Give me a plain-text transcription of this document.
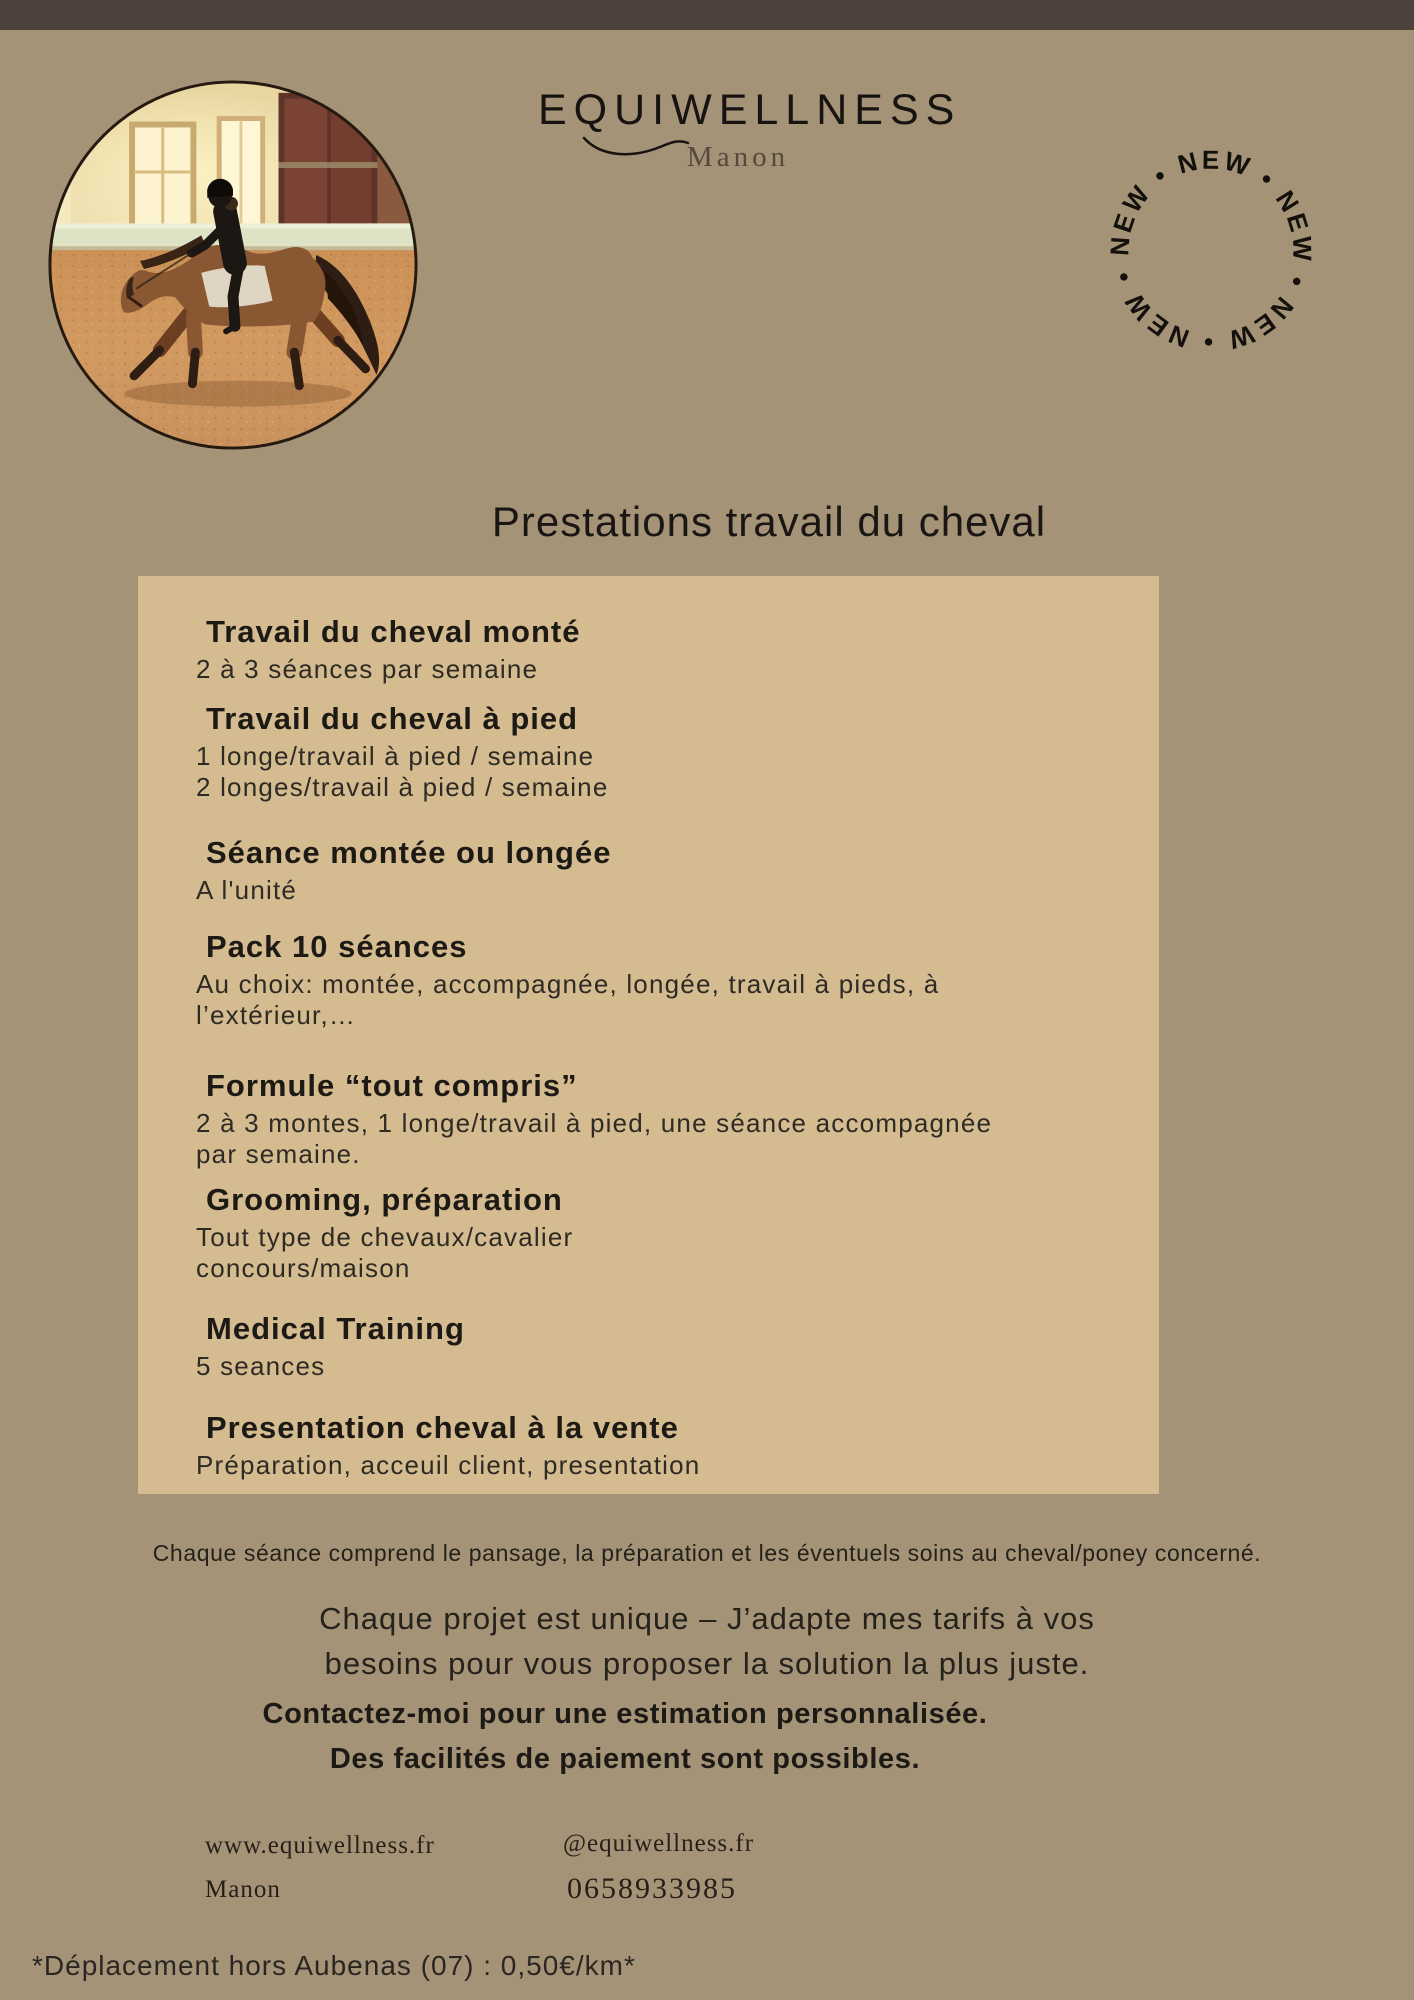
EQUIWELLNESS
Manon
NEW • NEW • NEW • NEW • NEW •
Prestations travail du cheval
Travail du cheval monté
2 à 3 séances par semaine
Travail du cheval à pied
1 longe/travail à pied / semaine
2 longes/travail à pied / semaine
Séance montée ou longée
A l'unité
Pack 10 séances
Au choix: montée, accompagnée, longée, travail à pieds, à
l’extérieur,…
Formule “tout compris”
2 à 3 montes, 1 longe/travail à pied, une séance accompagnée
par semaine.
Grooming, préparation
Tout type de chevaux/cavalier
concours/maison
Medical Training
5 seances
Presentation cheval à la vente
Préparation, acceuil client, presentation
Chaque séance comprend le pansage, la préparation et les éventuels soins au cheval/poney concerné.
Chaque projet est unique – J’adapte mes tarifs à vos
besoins pour vous proposer la solution la plus juste.
Contactez-moi pour une estimation personnalisée.
Des facilités de paiement sont possibles.
www.equiwellness.fr
Manon
@equiwellness.fr
0658933985
*Déplacement hors Aubenas (07) : 0,50€/km*
